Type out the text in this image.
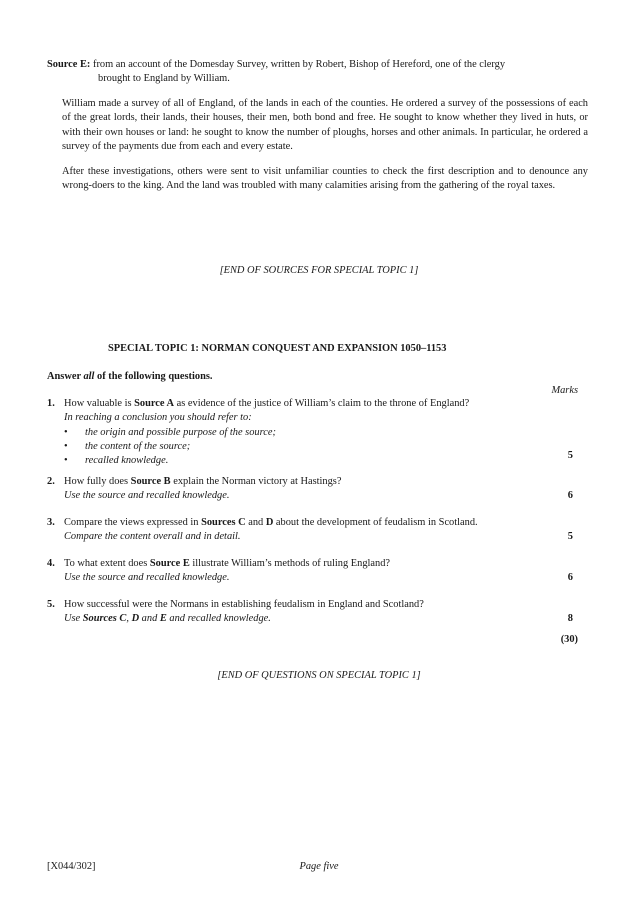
Source E: from an account of the Domesday Survey, written by Robert, Bishop of Hereford, one of the clergy
brought to England by William.
William made a survey of all of England, of the lands in each of the counties. He ordered a survey of the possessions of each of the great lords, their lands, their houses, their men, both bond and free. He sought to know whether they lived in huts, or with their own houses or land: he sought to know the number of ploughs, horses and other animals. In particular, he ordered a survey of the payments due from each and every estate.
After these investigations, others were sent to visit unfamiliar counties to check the first description and to denounce any wrong-doers to the king. And the land was troubled with many calamities arising from the gathering of the royal taxes.
[END OF SOURCES FOR SPECIAL TOPIC 1]
SPECIAL TOPIC 1: NORMAN CONQUEST AND EXPANSION 1050–1153
Answer all of the following questions.
Marks
1. How valuable is Source A as evidence of the justice of William’s claim to the throne of England?
In reaching a conclusion you should refer to:
• the origin and possible purpose of the source;
• the content of the source;
• recalled knowledge.	5
2. How fully does Source B explain the Norman victory at Hastings?
Use the source and recalled knowledge.	6
3. Compare the views expressed in Sources C and D about the development of feudalism in Scotland.
Compare the content overall and in detail.	5
4. To what extent does Source E illustrate William’s methods of ruling England?
Use the source and recalled knowledge.	6
5. How successful were the Normans in establishing feudalism in England and Scotland?
Use Sources C, D and E and recalled knowledge.	8
(30)
[END OF QUESTIONS ON SPECIAL TOPIC 1]
[X044/302]	Page five
